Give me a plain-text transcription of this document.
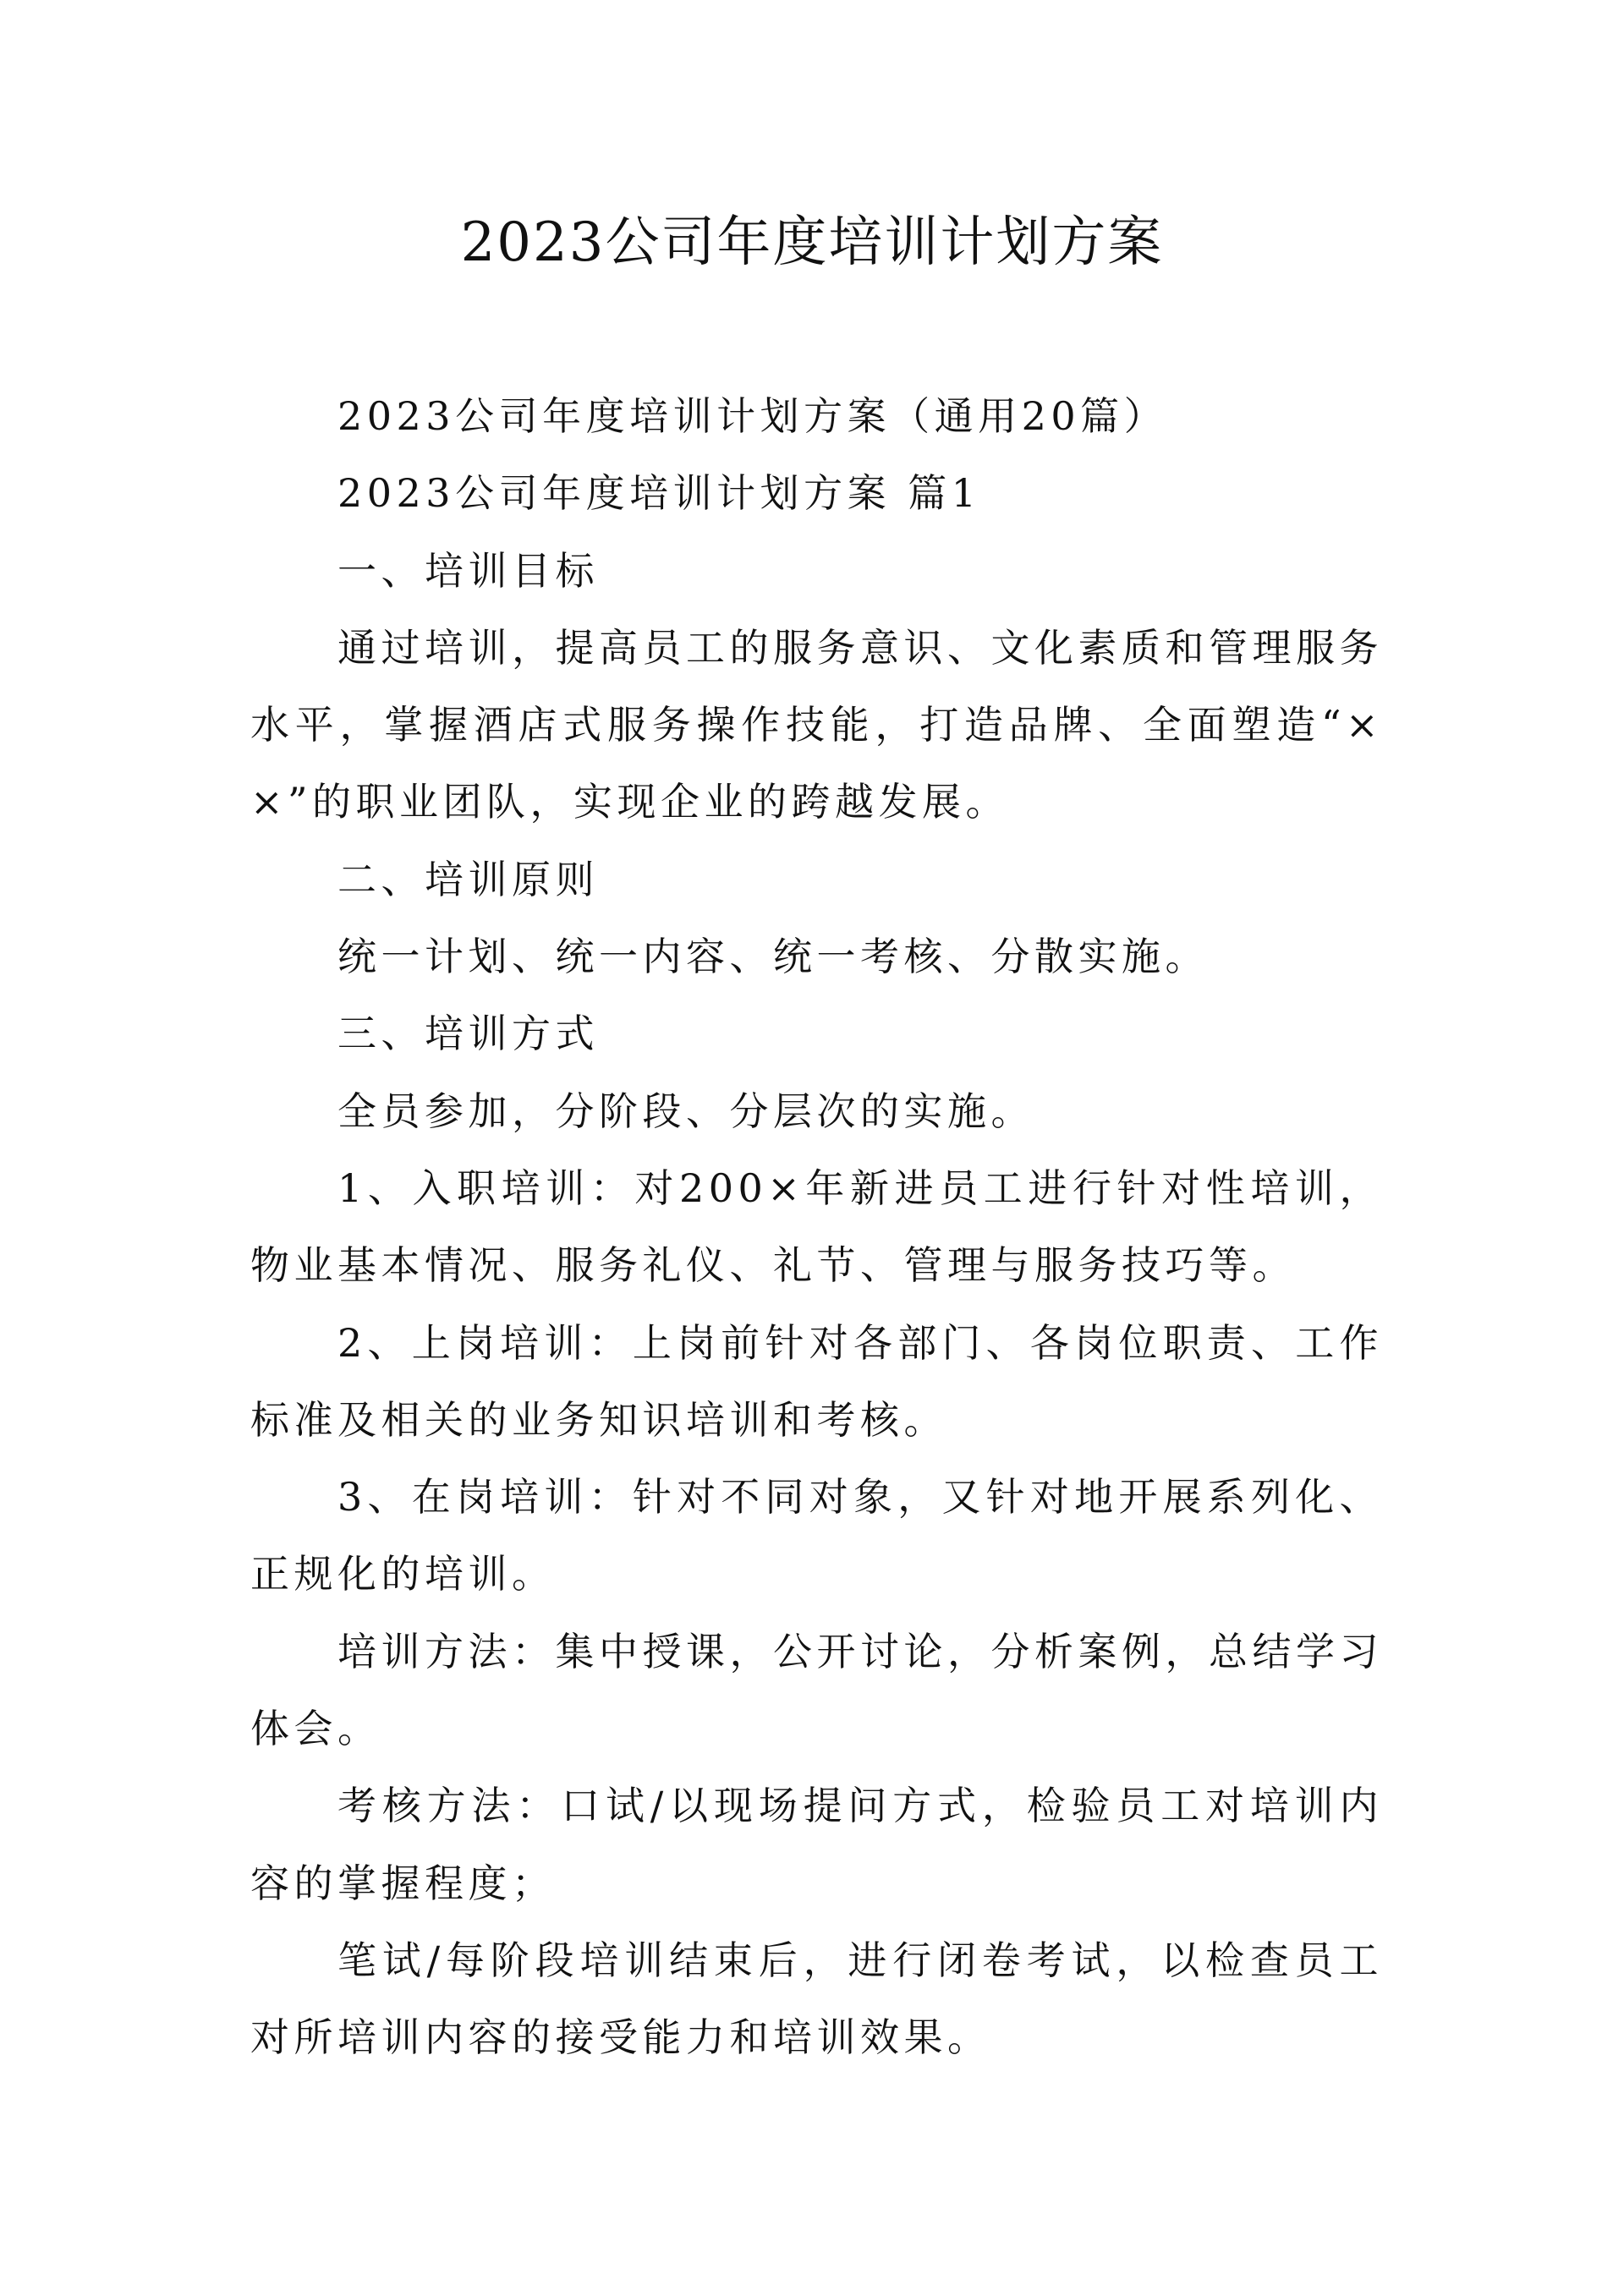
2023公司年度培训计划方案

2023公司年度培训计划方案（通用20篇）

2023公司年度培训计划方案 篇1

一、培训目标

通过培训，提高员工的服务意识、文化素质和管理服务水平，掌握酒店式服务操作技能，打造品牌、全面塑造“××”的职业团队，实现企业的跨越发展。

二、培训原则

统一计划、统一内容、统一考核、分散实施。

三、培训方式

全员参加，分阶段、分层次的实施。

1、入职培训：对200×年新进员工进行针对性培训，物业基本情况、服务礼仪、礼节、管理与服务技巧等。

2、上岗培训：上岗前针对各部门、各岗位职责、工作标准及相关的业务知识培训和考核。

3、在岗培训：针对不同对象，又针对地开展系列化、正规化的培训。

培训方法：集中授课，公开讨论，分析案例，总结学习体会。

考核方法：口试/以现场提问方式，检验员工对培训内容的掌握程度；

笔试/每阶段培训结束后，进行闭卷考试，以检查员工对所培训内容的接受能力和培训效果。
